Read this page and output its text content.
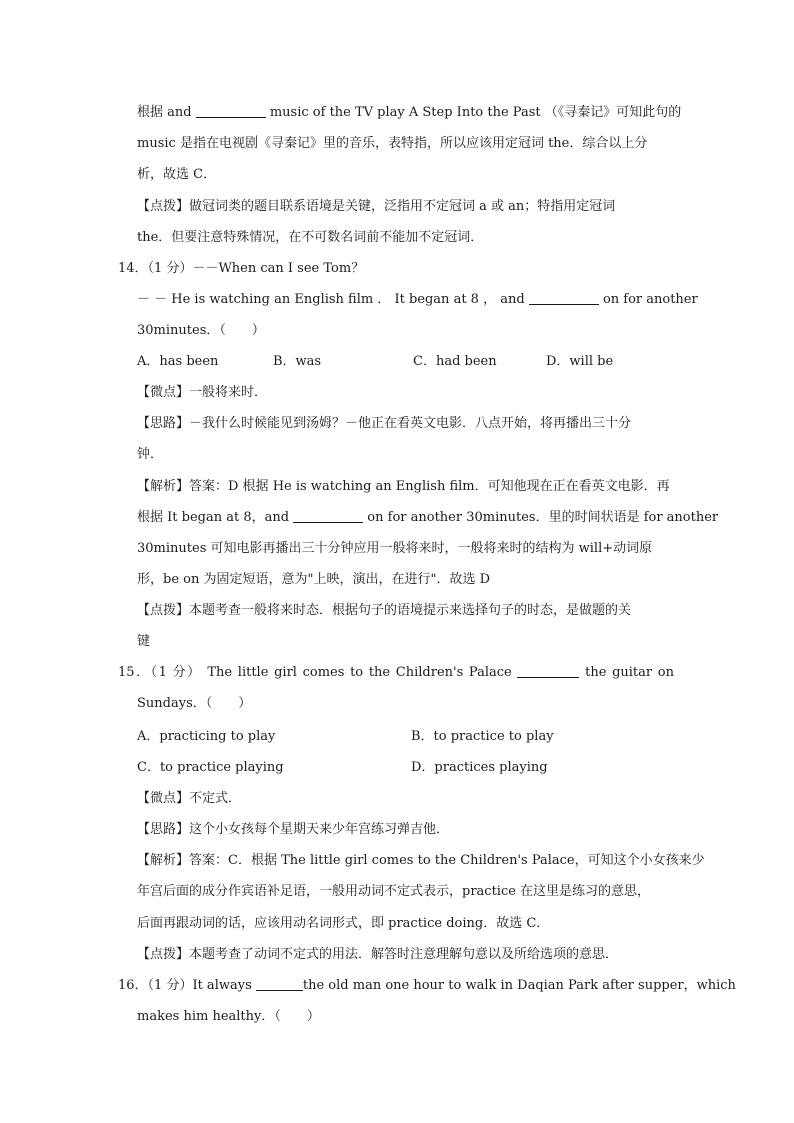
根据 and	music of the TV play A Step Into the Past （《寻秦记》可知此句的
music 是指在电视剧《寻秦记》里的音乐，表特指，所以应该用定冠词 the．综合以上分
析，故选 C．
【点拨】做冠词类的题目联系语境是关键，泛指用不定冠词 a 或 an；特指用定冠词
the．但要注意特殊情况，在不可数名词前不能加不定冠词．
14．（1 分）－－When can I see Tom？
－ － He is watching an English film ． It began at 8 ， and	on for another
30minutes．（　　）
A．has been	B．was	C．had been	D．will be
【微点】一般将来时．
【思路】－我什么时候能见到汤姆？－他正在看英文电影．八点开始，将再播出三十分
钟．
【解析】答案：D 根据 He is watching an English film．可知他现在正在看英文电影．再
根据 It began at 8，and	on for another 30minutes．里的时间状语是 for another
30minutes 可知电影再播出三十分钟应用一般将来时，一般将来时的结构为 will+动词原
形，be on 为固定短语，意为"上映，演出，在进行"．故选 D
【点拨】本题考查一般将来时态．根据句子的语境提示来选择句子的时态，是做题的关
键
15．（1 分） The little girl comes to the Children's Palace	the guitar on
Sundays．（　　）
A．practicing to play	B．to practice to play
C．to practice playing	D．practices playing
【微点】不定式．
【思路】这个小女孩每个星期天来少年宫练习弹吉他．
【解析】答案：C．根据 The little girl comes to the Children's Palace，可知这个小女孩来少
年宫后面的成分作宾语补足语，一般用动词不定式表示，practice 在这里是练习的意思，
后面再跟动词的话，应该用动名词形式，即 practice doing．故选 C．
【点拨】本题考查了动词不定式的用法．解答时注意理解句意以及所给选项的意思．
16．（1 分）It always	the old man one hour to walk in Daqian Park after supper，which
makes him healthy．（　　）
